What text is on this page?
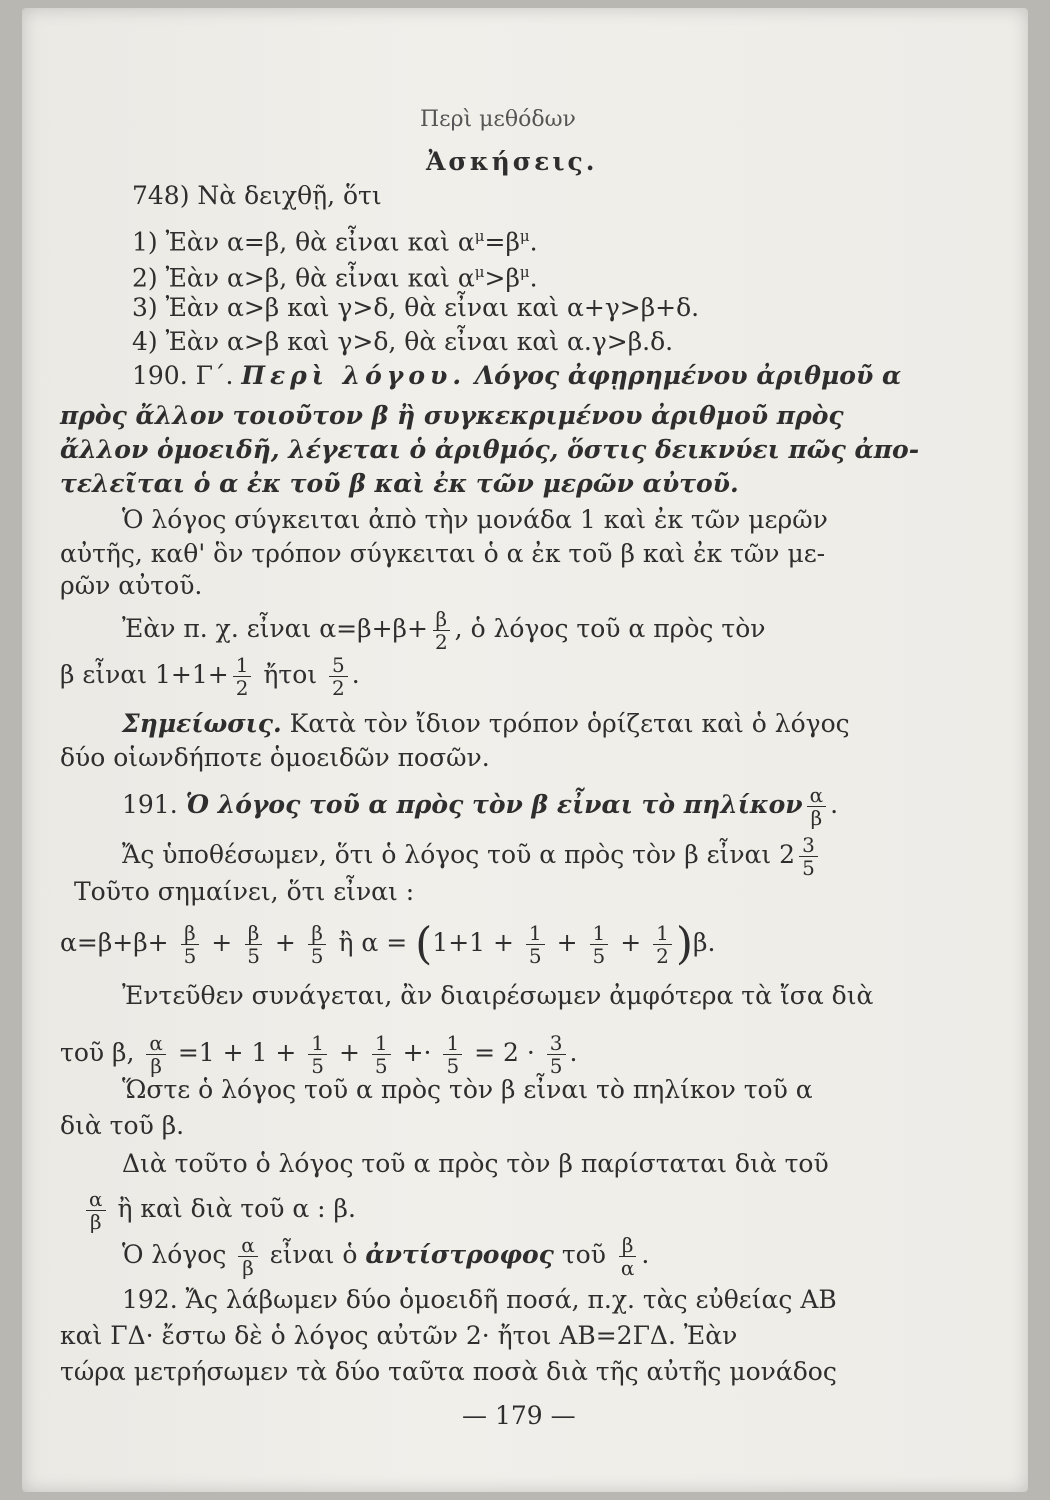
Περὶ μεθόδων
Ἀσκήσεις.
748) Νὰ δειχθῇ, ὅτι
1) Ἐὰν α=β, θὰ εἶναι καὶ $\alpha^\mu=\beta^\mu$.
2) Ἐὰν α>β, θὰ εἶναι καὶ $\alpha^\mu>\beta^\mu$.
3) Ἐὰν α>β καὶ γ>δ, θὰ εἶναι καὶ α+γ>β+δ.
4) Ἐὰν α>β καὶ γ>δ, θὰ εἶναι καὶ α.γ>β.δ.
190. Γ΄. Περὶ λόγου. Λόγος ἀφῃρημένου ἀριθμοῦ α
πρὸς ἄλλον τοιοῦτον β ἢ συγκεκριμένου ἀριθμοῦ πρὸς
ἄλλον ὁμοειδῆ, λέγεται ὁ ἀριθμός, ὅστις δεικνύει πῶς ἀπο-
τελεῖται ὁ α ἐκ τοῦ β καὶ ἐκ τῶν μερῶν αὐτοῦ.
Ὁ λόγος σύγκειται ἀπὸ τὴν μονάδα 1 καὶ ἐκ τῶν μερῶν
αὐτῆς, καθ' ὃν τρόπον σύγκειται ὁ α ἐκ τοῦ β καὶ ἐκ τῶν με-
ρῶν αὐτοῦ.
Ἐὰν π. χ. εἶναι $\alpha=\beta+\beta+ \frac{\beta}{2}$ , ὁ λόγος τοῦ α πρὸς τὸν
β εἶναι $1+1+ \frac{1}{2}$ ἤτοι $\frac{5}{2}$ .
Σημείωσις. Κατὰ τὸν ἴδιον τρόπον ὁρίζεται καὶ ὁ λόγος
δύο οἱωνδήποτε ὁμοειδῶν ποσῶν.
191. Ὁ λόγος τοῦ α πρὸς τὸν β εἶναι τὸ πηλίκον $\frac{\alpha}{\beta}$ .
Ἄς ὑποθέσωμεν, ὅτι ὁ λόγος τοῦ α πρὸς τὸν β εἶναι $2 \frac{3}{5}$
Τοῦτο σημαίνει, ὅτι εἶναι :
$\alpha=\beta+\beta+ \frac{\beta}{5} + \frac{\beta}{5} + \frac{\beta}{5}$ ἢ $\alpha = (1+1 + \frac{1}{5} + \frac{1}{5} + \frac{1}{2} )\beta$.
Ἐντεῦθεν συνάγεται, ἂν διαιρέσωμεν ἀμφότερα τὰ ἴσα διὰ
τοῦ β, $\frac{\alpha}{\beta} =1 + 1 + \frac{1}{5} + \frac{1}{5} +\cdot \frac{1}{5} = 2 \cdot \frac{3}{5}$ .
Ὥστε ὁ λόγος τοῦ α πρὸς τὸν β εἶναι τὸ πηλίκον τοῦ α
διὰ τοῦ β.
Διὰ τοῦτο ὁ λόγος τοῦ α πρὸς τὸν β παρίσταται διὰ τοῦ
$\frac{\alpha}{\beta}$ ἢ καὶ διὰ τοῦ α : β.
Ὁ λόγος $\frac{\alpha}{\beta}$ εἶναι ὁ ἀντίστροφος τοῦ $\frac{\beta}{\alpha}$ .
192. Ἄς λάβωμεν δύο ὁμοειδῆ ποσά, π.χ. τὰς εὐθείας ΑΒ
καὶ ΓΔ· ἔστω δὲ ὁ λόγος αὐτῶν 2· ἤτοι ΑΒ=2ΓΔ. Ἐὰν
τώρα μετρήσωμεν τὰ δύο ταῦτα ποσὰ διὰ τῆς αὐτῆς μονάδος
— 179 —
